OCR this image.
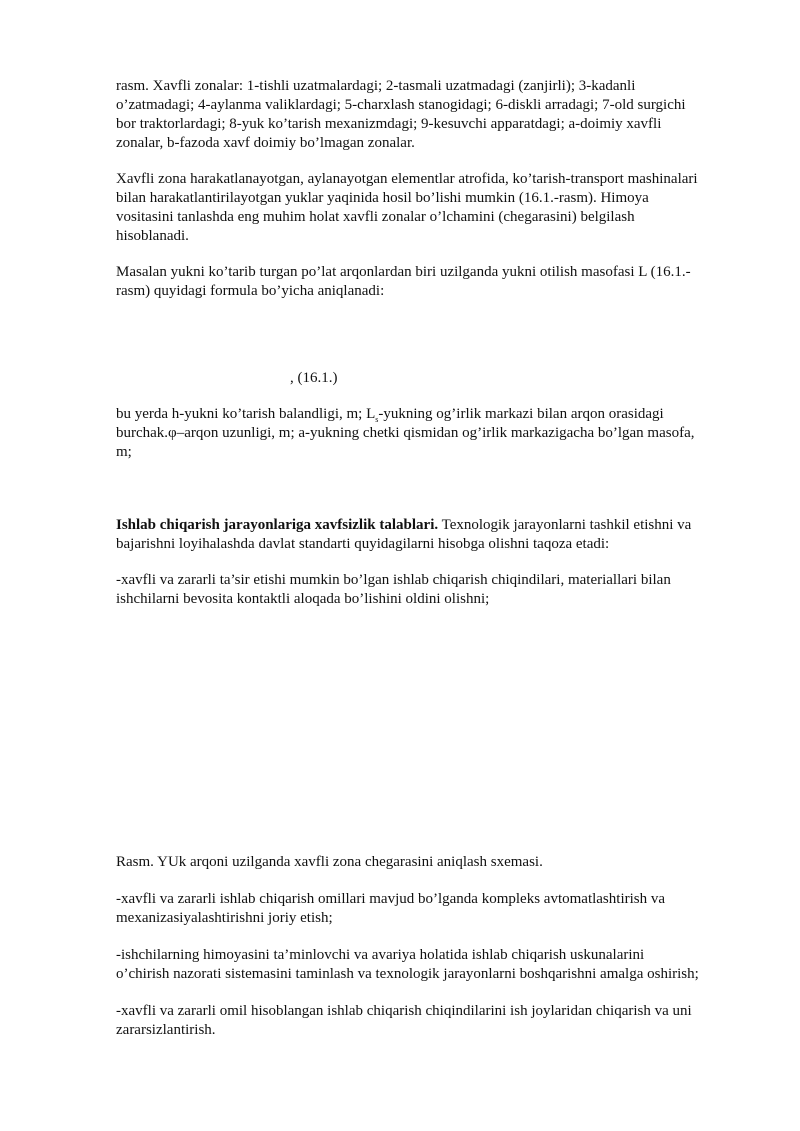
rasm. Xavfli zonalar: 1-tishli uzatmalardagi; 2-tasmali uzatmadagi (zanjirli); 3-kadanli
o’zatmadagi; 4-aylanma valiklardagi; 5-charxlash stanogidagi; 6-diskli arradagi; 7-old surgichi
bor traktorlardagi; 8-yuk ko’tarish mexanizmdagi; 9-kesuvchi apparatdagi; a-doimiy xavfli
zonalar, b-fazoda xavf doimiy bo’lmagan zonalar.

Xavfli zona harakatlanayotgan, aylanayotgan elementlar atrofida, ko’tarish-transport mashinalari
bilan harakatlantirilayotgan yuklar yaqinida hosil bo’lishi mumkin (16.1.-rasm). Himoya
vositasini tanlashda eng muhim holat xavfli zonalar o’lchamini (chegarasini) belgilash
hisoblanadi.

Masalan yukni ko’tarib turgan po’lat arqonlardan biri uzilganda yukni otilish masofasi L (16.1.-
rasm) quyidagi formula bo’yicha aniqlanadi:

, (16.1.)

bu yerda h-yukni ko’tarish balandligi, m; $L_s$-yukning og’irlik markazi bilan arqon orasidagi
burchak.φ–arqon uzunligi, m; a-yukning chetki qismidan og’irlik markazigacha bo’lgan masofa,
m;

Ishlab chiqarish jarayonlariga xavfsizlik talablari. Texnologik jarayonlarni tashkil etishni va
bajarishni loyihalashda davlat standarti quyidagilarni hisobga olishni taqoza etadi:

-xavfli va zararli ta’sir etishi mumkin bo’lgan ishlab chiqarish chiqindilari, materiallari bilan
ishchilarni bevosita kontaktli aloqada bo’lishini oldini olishni;

Rasm. YUk arqoni uzilganda xavfli zona chegarasini aniqlash sxemasi.

-xavfli va zararli ishlab chiqarish omillari mavjud bo’lganda kompleks avtomatlashtirish va
mexanizasiyalashtirishni joriy etish;

-ishchilarning himoyasini ta’minlovchi va avariya holatida ishlab chiqarish uskunalarini
o’chirish nazorati sistemasini taminlash va texnologik jarayonlarni boshqarishni amalga oshirish;

-xavfli va zararli omil hisoblangan ishlab chiqarish chiqindilarini ish joylaridan chiqarish va uni
zararsizlantirish.
